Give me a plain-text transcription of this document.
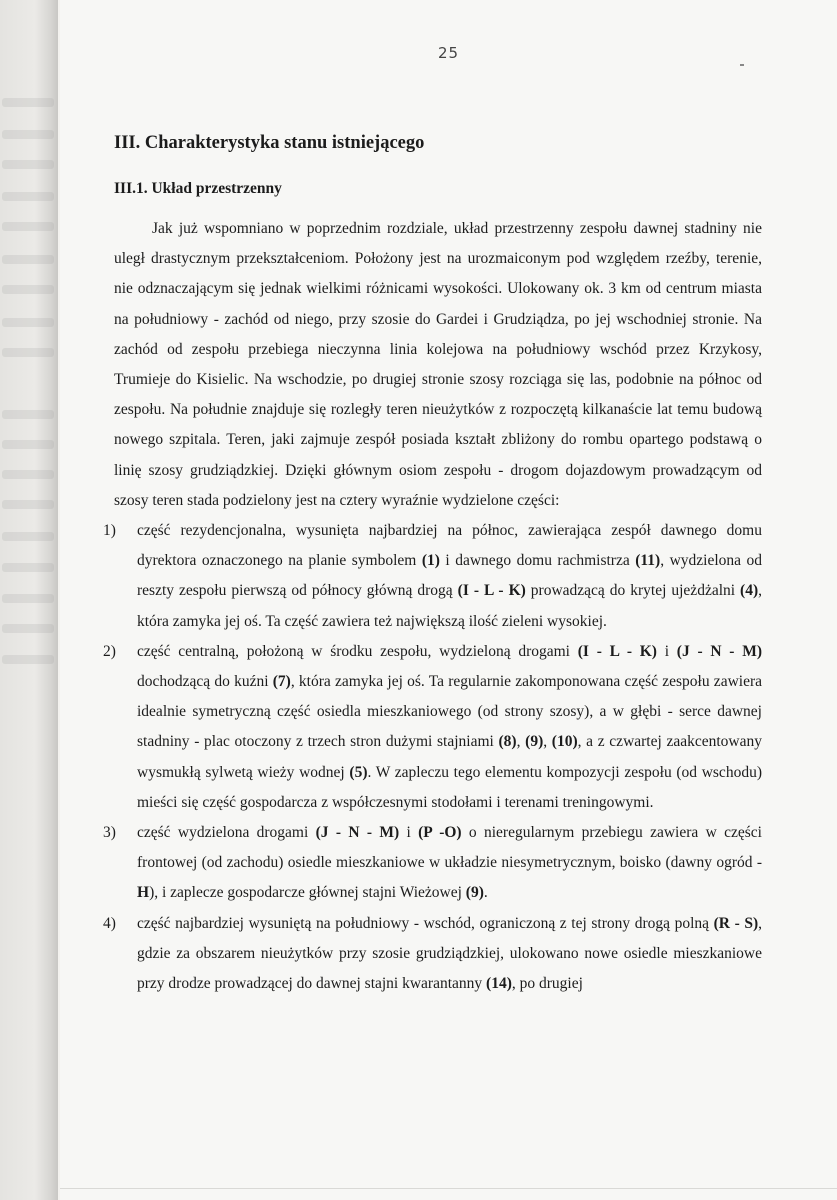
25
III. Charakterystyka stanu istniejącego
III.1. Układ przestrzenny

Jak już wspomniano w poprzednim rozdziale, układ przestrzenny zespołu dawnej stadniny nie uległ drastycznym przekształceniom. Położony jest na urozmaiconym pod względem rzeźby, terenie, nie odznaczającym się jednak wielkimi różnicami wysokości. Ulokowany ok. 3 km od centrum miasta na południowy - zachód od niego, przy szosie do Gardei i Grudziądza, po jej wschodniej stronie. Na zachód od zespołu przebiega nieczynna linia kolejowa na południowy wschód przez Krzykosy, Trumieje do Kisielic. Na wschodzie, po drugiej stronie szosy rozciąga się las, podobnie na północ od zespołu. Na południe znajduje się rozległy teren nieużytków z rozpoczętą kilkanaście lat temu budową nowego szpitala. Teren, jaki zajmuje zespół posiada kształt zbliżony do rombu opartego podstawą o linię szosy grudziądzkiej. Dzięki głównym osiom zespołu - drogom dojazdowym prowadzącym od szosy teren stada podzielony jest na cztery wyraźnie wydzielone części:

1) część rezydencjonalna, wysunięta najbardziej na północ, zawierająca zespół dawnego domu dyrektora oznaczonego na planie symbolem (1) i dawnego domu rachmistrza (11), wydzielona od reszty zespołu pierwszą od północy główną drogą (I - L - K) prowadzącą do krytej ujeżdżalni (4), która zamyka jej oś. Ta część zawiera też największą ilość zieleni wysokiej.
2) część centralną, położoną w środku zespołu, wydzieloną drogami (I - L - K) i (J - N - M) dochodzącą do kuźni (7), która zamyka jej oś. Ta regularnie zakomponowana część zespołu zawiera idealnie symetryczną część osiedla mieszkaniowego (od strony szosy), a w głębi - serce dawnej stadniny - plac otoczony z trzech stron dużymi stajniami (8), (9), (10), a z czwartej zaakcentowany wysmukłą sylwetą wieży wodnej (5). W zapleczu tego elementu kompozycji zespołu (od wschodu) mieści się część gospodarcza z współczesnymi stodołami i terenami treningowymi.
3) część wydzielona drogami (J - N - M) i (P -O) o nieregularnym przebiegu zawiera w części frontowej (od zachodu) osiedle mieszkaniowe w układzie niesymetrycznym, boisko (dawny ogród - H), i zaplecze gospodarcze głównej stajni Wieżowej (9).
4) część najbardziej wysuniętą na południowy - wschód, ograniczoną z tej strony drogą polną (R - S), gdzie za obszarem nieużytków przy szosie grudziądzkiej, ulokowano nowe osiedle mieszkaniowe przy drodze prowadzącej do dawnej stajni kwarantanny (14), po drugiej
